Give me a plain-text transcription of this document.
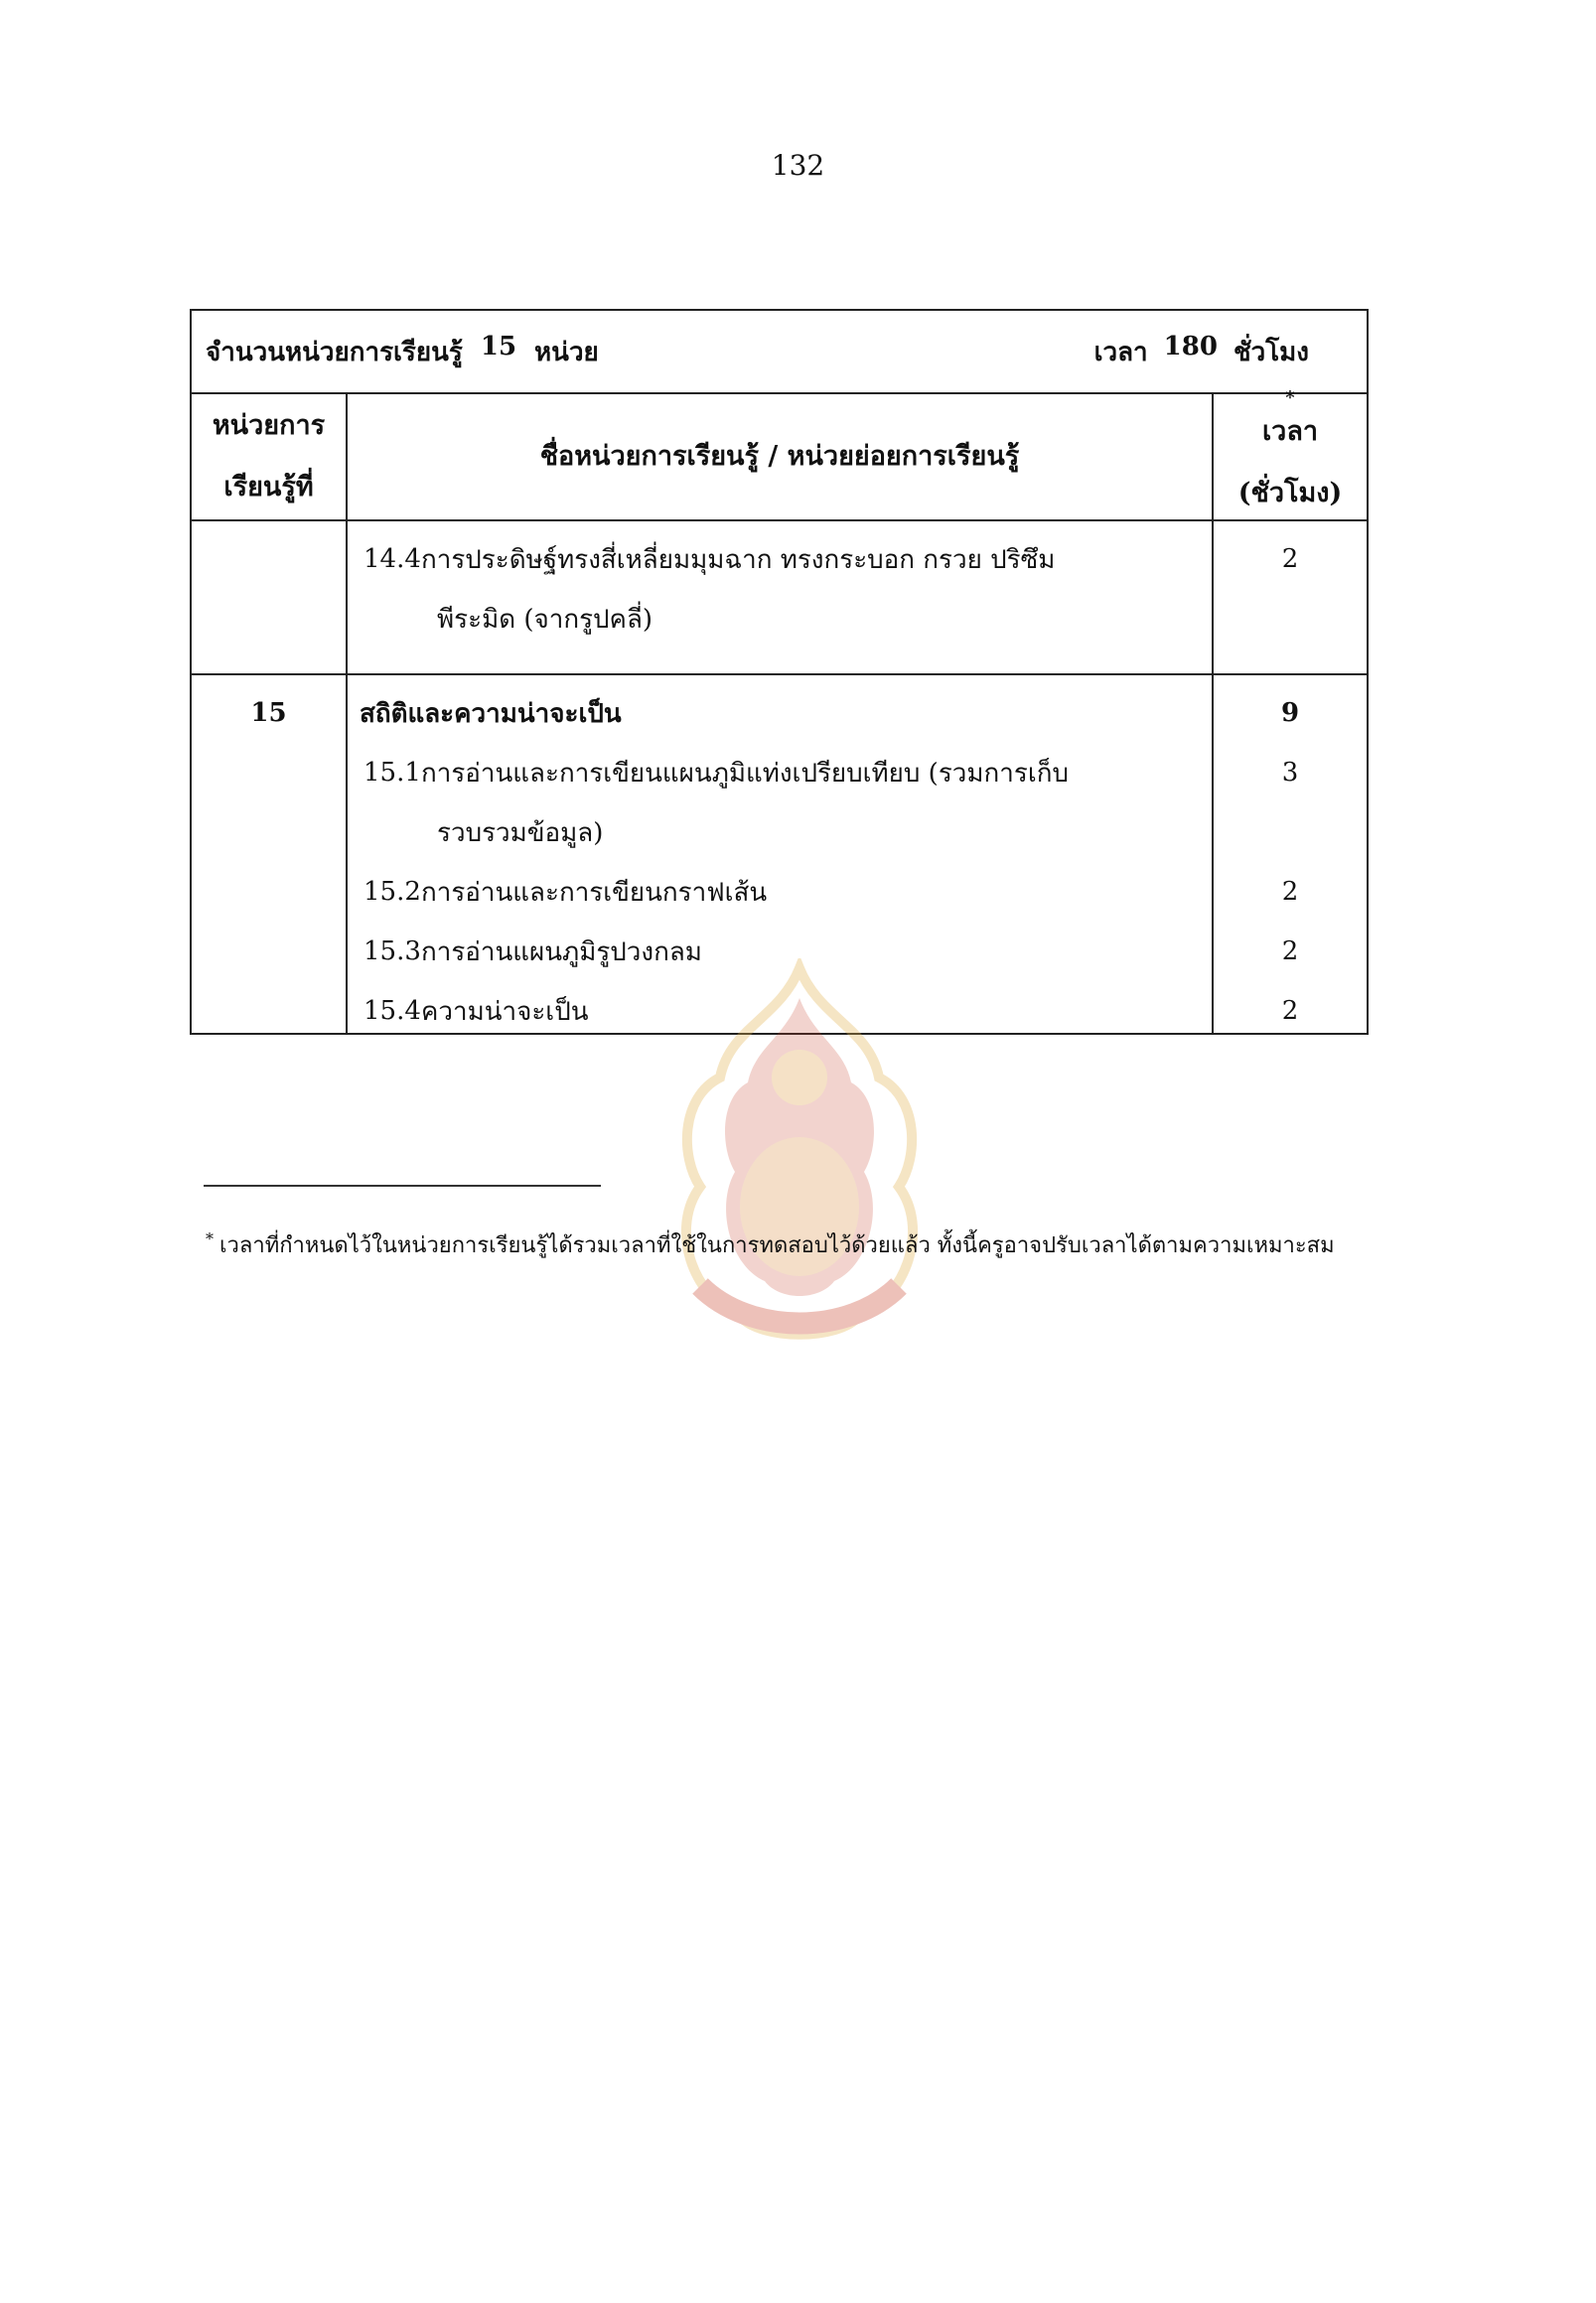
132
จำนวนหน่วยการเรียนรู้ 15 หน่วย	เวลา 180 ชั่วโมง
หน่วยการ
เรียนรู้ที่
ชื่อหน่วยการเรียนรู้ / หน่วยย่อยการเรียนรู้
*
เวลา
(ชั่วโมง)
14.4 การประดิษฐ์ทรงสี่เหลี่ยมมุมฉาก ทรงกระบอก กรวย ปริซึม
พีระมิด (จากรูปคลี่)
2
15	สถิติและความน่าจะเป็น
15.1 การอ่านและการเขียนแผนภูมิแท่งเปรียบเทียบ (รวมการเก็บ
รวบรวมข้อมูล)
15.2 การอ่านและการเขียนกราฟเส้น
15.3 การอ่านแผนภูมิรูปวงกลม
15.4 ความน่าจะเป็น
9
3
2
2
2
* เวลาที่กำหนดไว้ในหน่วยการเรียนรู้ได้รวมเวลาที่ใช้ในการทดสอบไว้ด้วยแล้ว ทั้งนี้ครูอาจปรับเวลาได้ตามความเหมาะสม
